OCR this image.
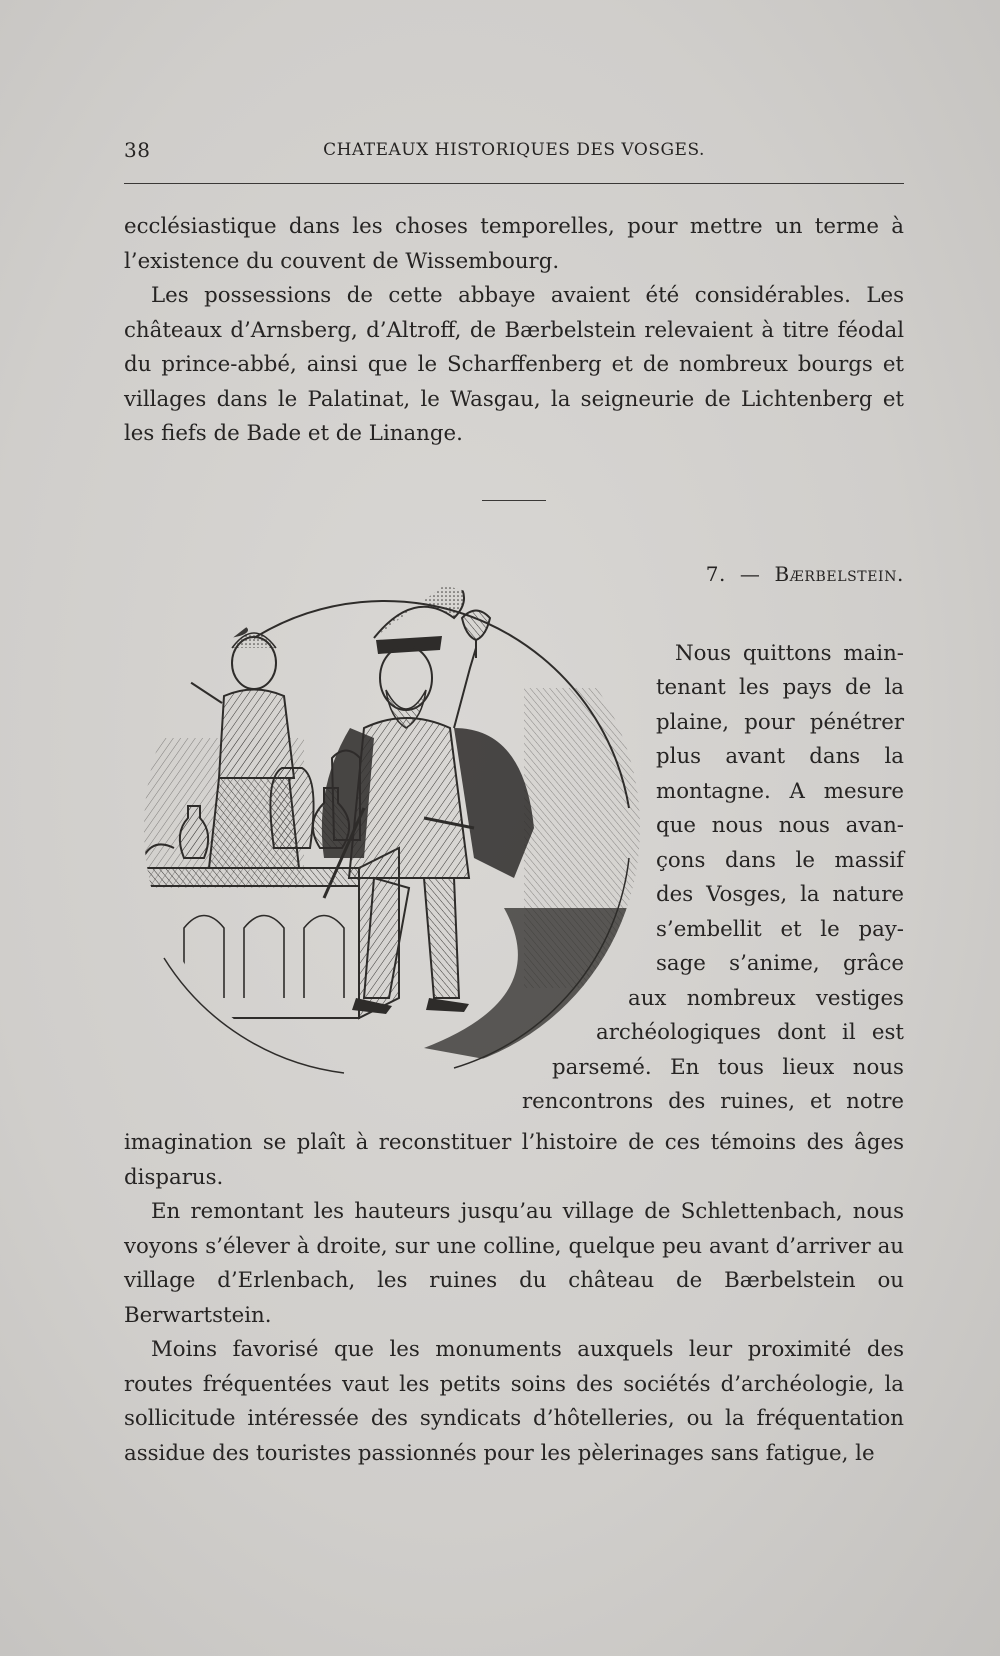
38	CHATEAUX HISTORIQUES DES VOSGES.
ecclésiastique dans les choses temporelles, pour mettre un terme à l’existence du couvent de Wissembourg.
Les possessions de cette abbaye avaient été considérables. Les châteaux d’Arnsberg, d’Altroff, de Bærbelstein relevaient à titre féodal du prince-abbé, ainsi que le Scharffenberg et de nombreux bourgs et villages dans le Palatinat, le Wasgau, la seigneurie de Lichtenberg et les fiefs de Bade et de Linange.
7. — Bærbelstein.
Nous quittons main-
tenant les pays de la
plaine, pour pénétrer
plus avant dans la
montagne. A mesure
que nous nous avan-
çons dans le massif
des Vosges, la nature
s’embellit et le pay-
sage s’anime, grâce
aux nombreux vestiges
archéologiques dont il est
parsemé. En tous lieux nous
rencontrons des ruines, et notre
imagination se plaît à reconstituer l’histoire de ces témoins des âges disparus.
En remontant les hauteurs jusqu’au village de Schlettenbach, nous voyons s’élever à droite, sur une colline, quelque peu avant d’arriver au village d’Erlenbach, les ruines du château de Bærbelstein ou Berwartstein.
Moins favorisé que les monuments auxquels leur proximité des routes fréquentées vaut les petits soins des sociétés d’archéologie, la sollicitude intéressée des syndicats d’hôtelleries, ou la fréquentation assidue des touristes passionnés pour les pèlerinages sans fatigue, le
